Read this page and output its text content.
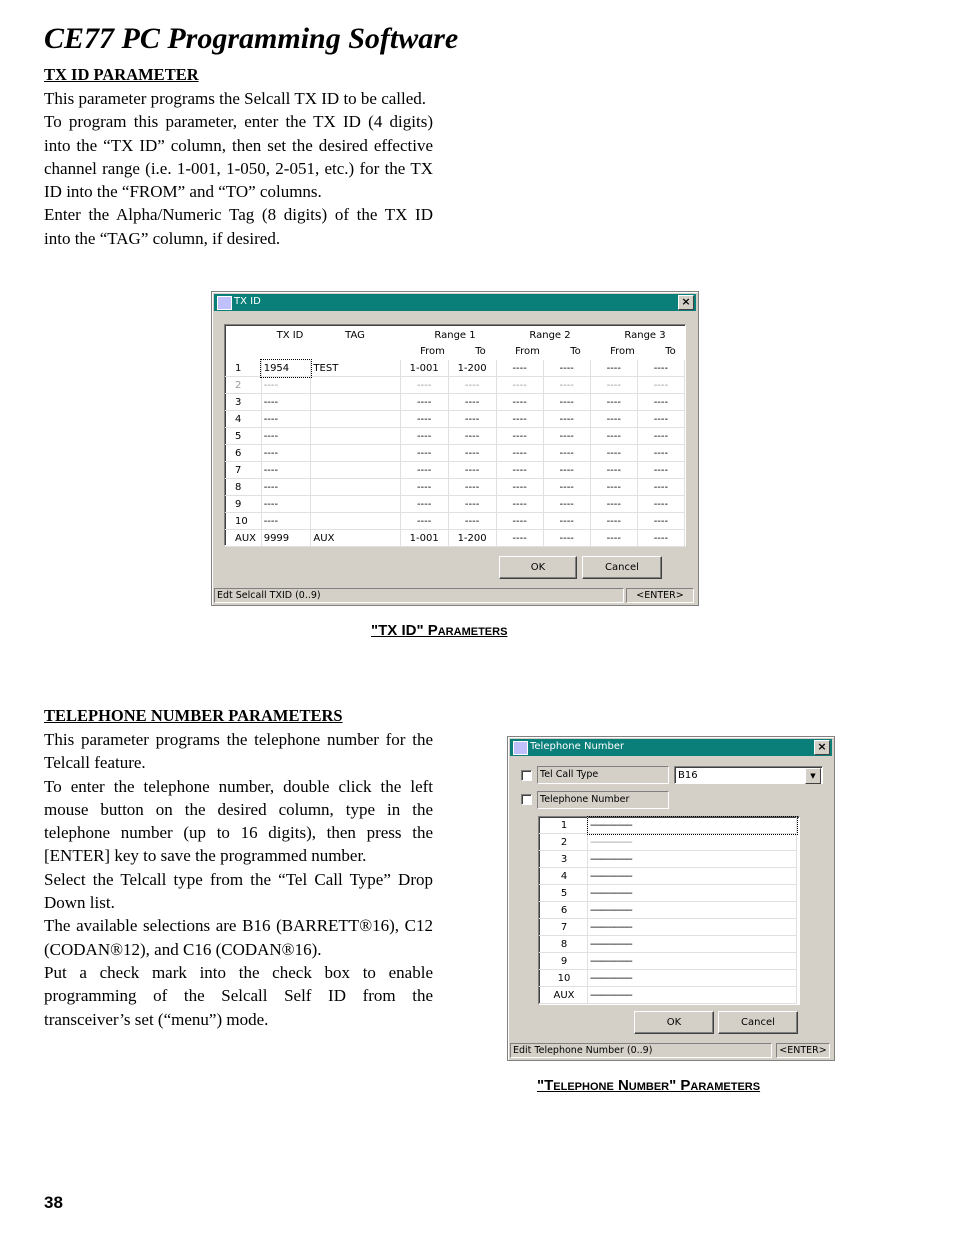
CE77 PC Programming Software
TX ID PARAMETER

This parameter programs the Selcall TX ID to be called.

To program this parameter, enter the TX ID (4 digits) into the “TX ID” column, then set the desired effective channel range (i.e. 1-001, 1-050, 2-051, etc.) for the TX ID into the “FROM” and “TO” columns.

Enter the Alpha/Numeric Tag (8 digits) of the TX ID into the “TAG” column, if desired.

TX ID	×
TX ID	TAG	Range 1	Range 2	Range 3
From	To	From	To	From	To
1	1954	TEST	1-001	1-200	----	----	----	----
2	----		----	----	----	----	----	----
3	----		----	----	----	----	----	----
4	----		----	----	----	----	----	----
5	----		----	----	----	----	----	----
6	----		----	----	----	----	----	----
7	----		----	----	----	----	----	----
8	----		----	----	----	----	----	----
9	----		----	----	----	----	----	----
10	----		----	----	----	----	----	----
AUX	9999	AUX	1-001	1-200	----	----	----	----
OK	Cancel
Edt Selcall TXID (0..9)	<ENTER>
"TX ID" Parameters
TELEPHONE NUMBER PARAMETERS

This parameter programs the telephone number for the Telcall feature.

To enter the telephone number, double click the left mouse button on the desired column, type in the telephone number (up to 16 digits), then press the [ENTER] key to save the programmed number.

Select the Telcall type from the “Tel Call Type” Drop Down list.

The available selections are B16 (BARRETT®16), C12 (CODAN®12), and C16 (CODAN®16).

Put a check mark into the check box to enable programming of the Selcall Self ID from the transceiver’s set (“menu”) mode.

Telephone Number	×
Tel Call Type	B16	▼
Telephone Number
1	----------------
2	----------------
3	----------------
4	----------------
5	----------------
6	----------------
7	----------------
8	----------------
9	----------------
10	----------------
AUX	----------------
OK	Cancel
Edit Telephone Number (0..9)	<ENTER>
"Telephone Number" Parameters
38
